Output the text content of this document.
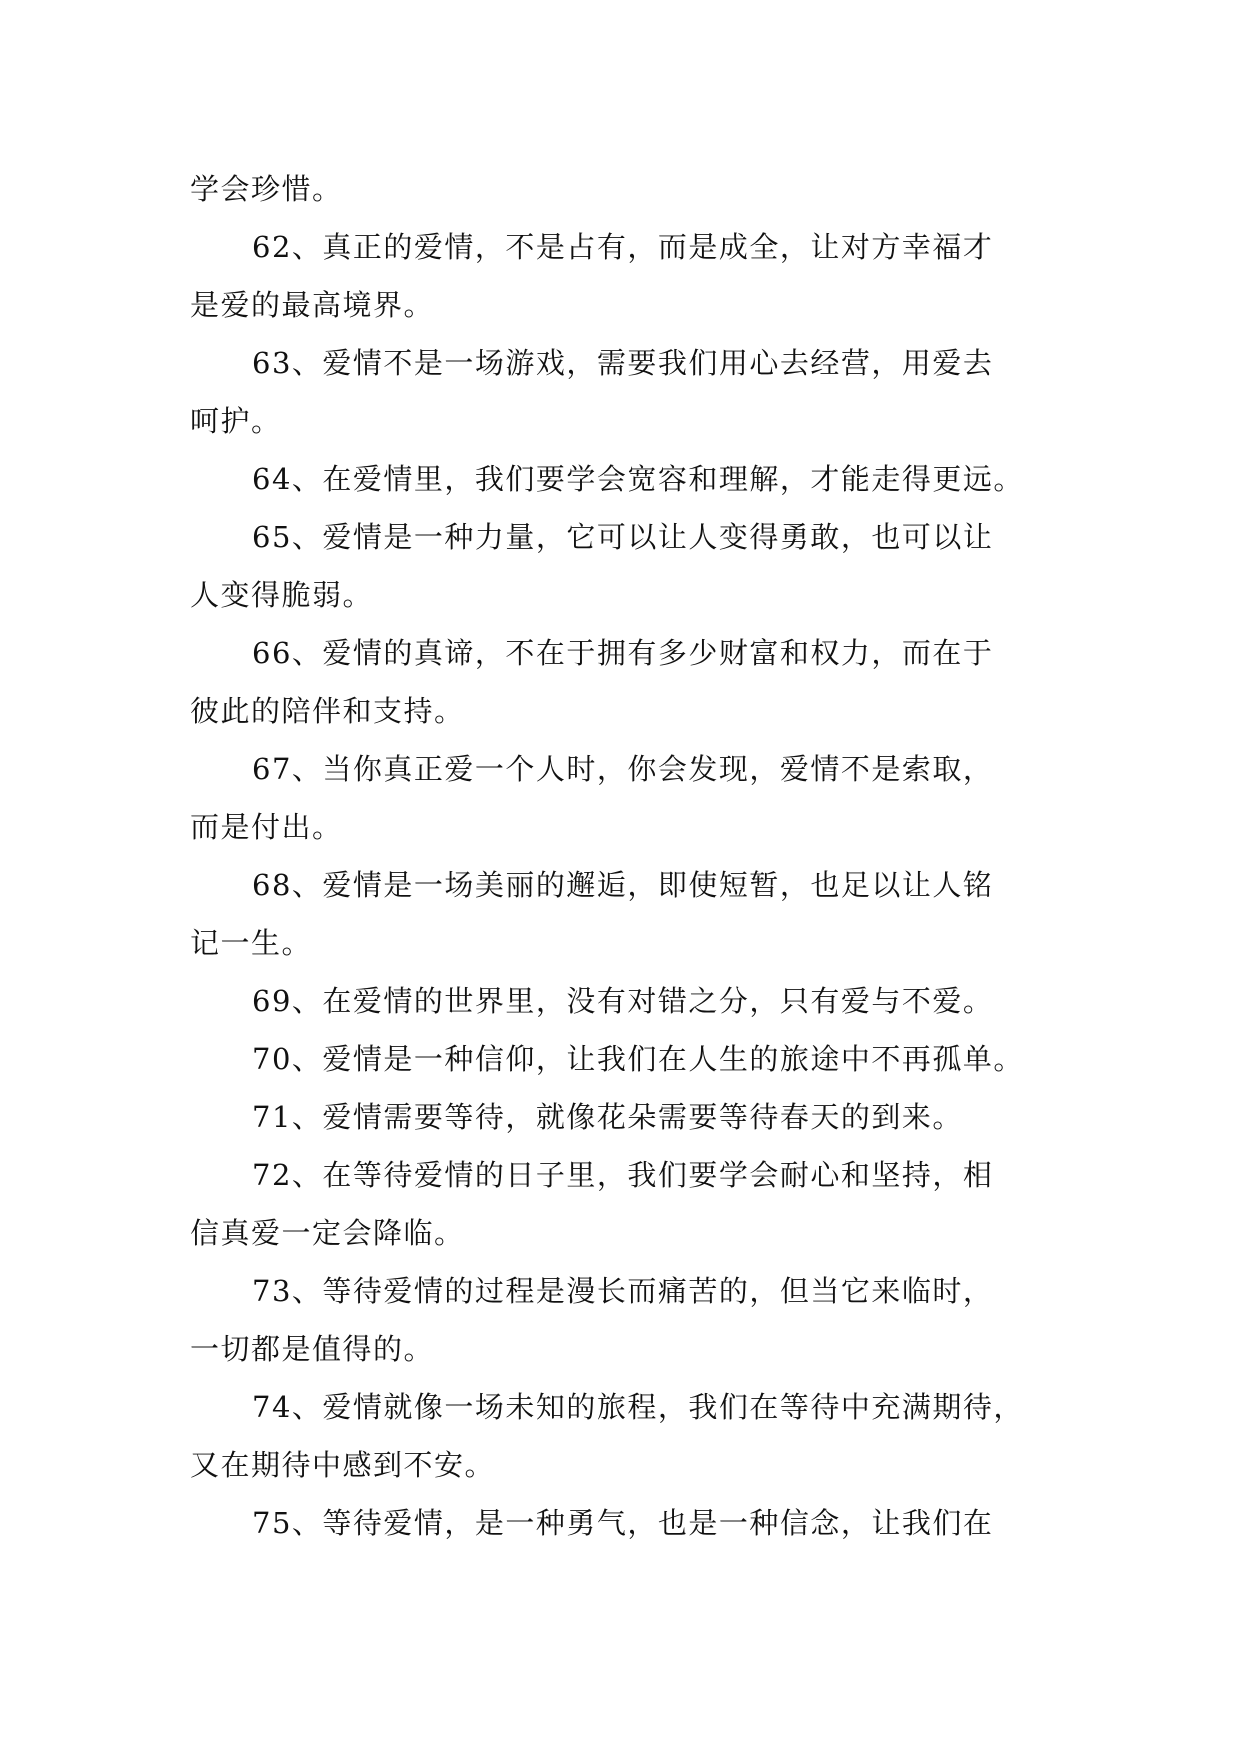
学会珍惜。
62、真正的爱情，不是占有，而是成全，让对方幸福才
是爱的最高境界。
63、爱情不是一场游戏，需要我们用心去经营，用爱去
呵护。
64、在爱情里，我们要学会宽容和理解，才能走得更远。
65、爱情是一种力量，它可以让人变得勇敢，也可以让
人变得脆弱。
66、爱情的真谛，不在于拥有多少财富和权力，而在于
彼此的陪伴和支持。
67、当你真正爱一个人时，你会发现，爱情不是索取，
而是付出。
68、爱情是一场美丽的邂逅，即使短暂，也足以让人铭
记一生。
69、在爱情的世界里，没有对错之分，只有爱与不爱。
70、爱情是一种信仰，让我们在人生的旅途中不再孤单。
71、爱情需要等待，就像花朵需要等待春天的到来。
72、在等待爱情的日子里，我们要学会耐心和坚持，相
信真爱一定会降临。
73、等待爱情的过程是漫长而痛苦的，但当它来临时，
一切都是值得的。
74、爱情就像一场未知的旅程，我们在等待中充满期待，
又在期待中感到不安。
75、等待爱情，是一种勇气，也是一种信念，让我们在
